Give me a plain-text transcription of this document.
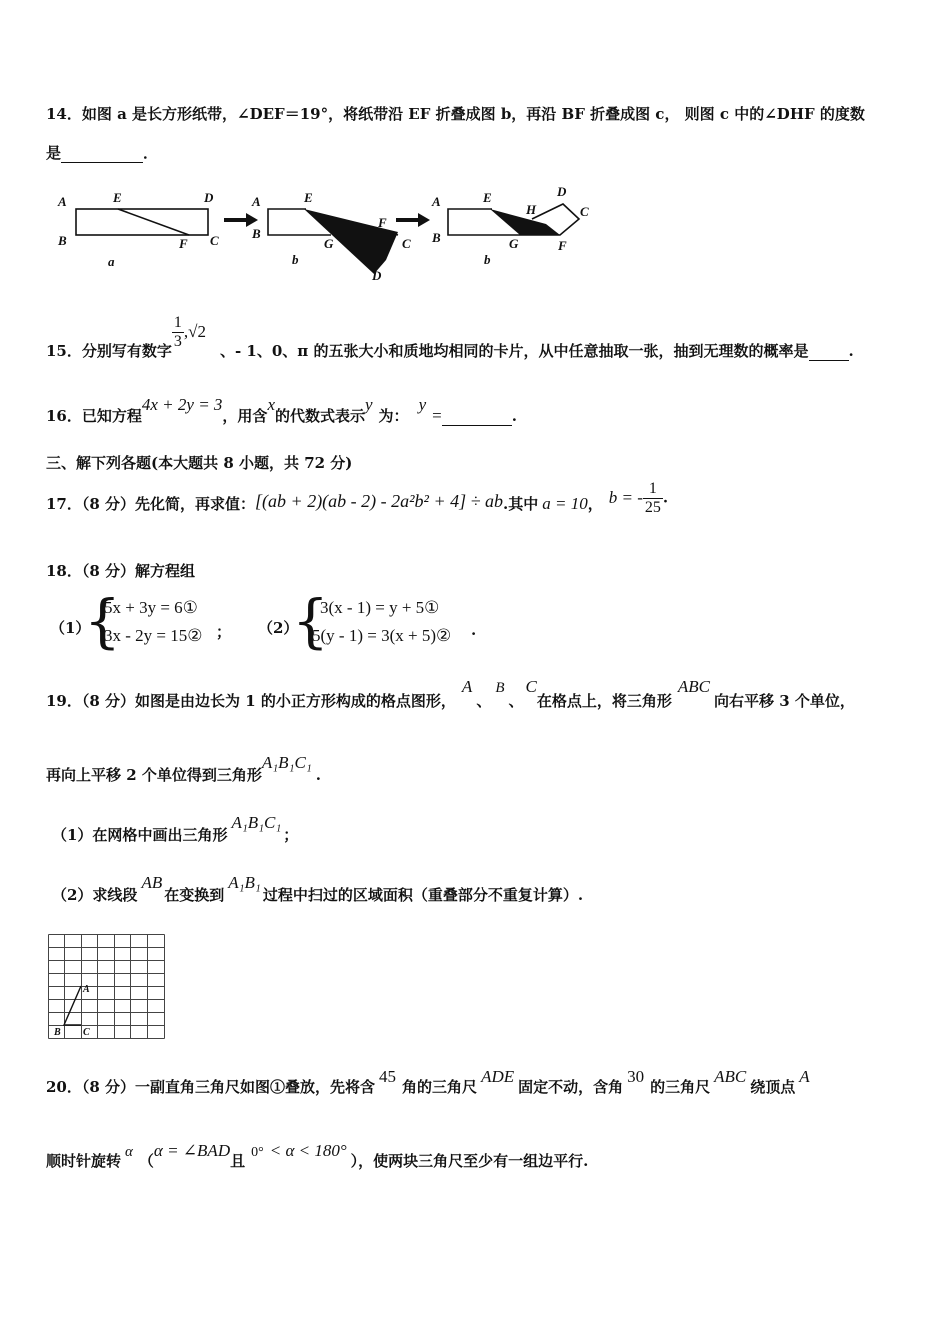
14．如图 a 是长方形纸带，∠DEF＝19°，将纸带沿 EF 折叠成图 b，再沿 BF 折叠成图 c， 则图 c 中的∠DHF 的度数
是	．
A	E	D
B	F C
a
A	E
F
B
G	C
D
b
A	E	D
H	C
B	G	F
b
15．分别写有数字 $\frac{1}{3} ,√2$、- 1、0、π 的五张大小和质地均相同的卡片，从中任意抽取一张，抽到无理数的概率是	.
16．已知方程4x + 2y = 3，用含x的代数式表示y为：y=	.
三、解下列各题(本大题共 8 小题，共 72 分)
17．（8 分）先化简，再求值：[(ab + 2)(ab - 2) - 2a²b² + 4] ÷ ab.其中 a = 10， b = - $\frac{1}{25}$ .
18．（8 分）解方程组
（1）
{
5x + 3y = 6①
3x - 2y = 15② ； （2）
{
3(x - 1) = y + 5①
5(y - 1) = 3(x + 5)② .
19．（8 分）如图是由边长为 1 的小正方形构成的格点图形，A、B、C在格点上，将三角形ABC向右平移 3 个单位，
再向上平移 2 个单位得到三角形A₁B₁C₁.
（1）在网格中画出三角形A₁B₁C₁；
（2）求线段AB在变换到A₁B₁过程中扫过的区域面积（重叠部分不重复计算）.
A
B C
20．（8 分）一副直角三角尺如图①叠放，先将含45角的三角尺ADE固定不动，含角30的三角尺ABC绕顶点A
顺时针旋转 α （α = ∠BAD且 0° < α < 180°），使两块三角尺至少有一组边平行.
